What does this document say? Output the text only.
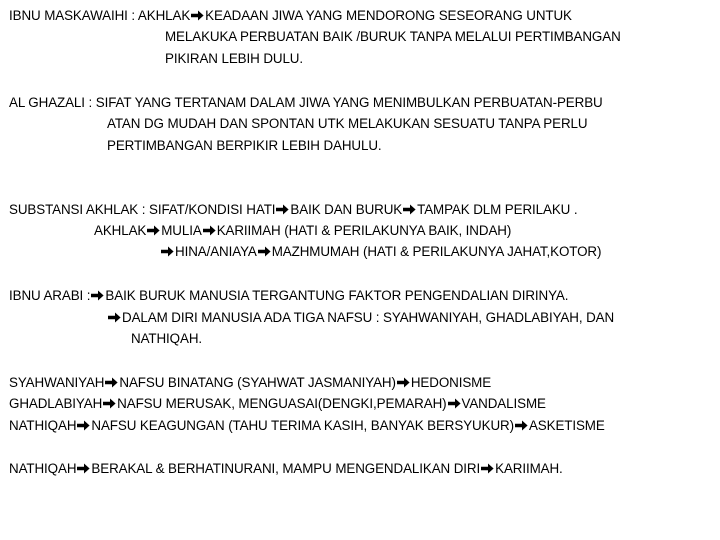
IBNU MASKAWAIHI : AKHLAK KEADAAN JIWA YANG MENDORONG SESEORANG UNTUK
MELAKUKA PERBUATAN BAIK /BURUK TANPA MELALUI PERTIMBANGAN
PIKIRAN LEBIH DULU.
AL GHAZALI : SIFAT YANG TERTANAM DALAM JIWA YANG MENIMBULKAN PERBUATAN-PERBU
ATAN DG MUDAH DAN SPONTAN UTK MELAKUKAN SESUATU TANPA PERLU
PERTIMBANGAN BERPIKIR LEBIH DAHULU.
SUBSTANSI AKHLAK : SIFAT/KONDISI HATI BAIK DAN BURUK TAMPAK DLM PERILAKU .
AKHLAK MULIA KARIIMAH (HATI & PERILAKUNYA BAIK, INDAH)
HINA/ANIAYA MAZHMUMAH (HATI & PERILAKUNYA JAHAT,KOTOR)
IBNU ARABI : BAIK BURUK MANUSIA TERGANTUNG FAKTOR PENGENDALIAN DIRINYA.
DALAM DIRI MANUSIA ADA TIGA NAFSU : SYAHWANIYAH, GHADLABIYAH, DAN
NATHIQAH.
SYAHWANIYAH NAFSU BINATANG (SYAHWAT JASMANIYAH) HEDONISME
GHADLABIYAH NAFSU MERUSAK, MENGUASAI(DENGKI,PEMARAH) VANDALISME
NATHIQAH NAFSU KEAGUNGAN (TAHU TERIMA KASIH, BANYAK BERSYUKUR) ASKETISME
NATHIQAH BERAKAL & BERHATINURANI, MAMPU MENGENDALIKAN DIRI KARIIMAH.
